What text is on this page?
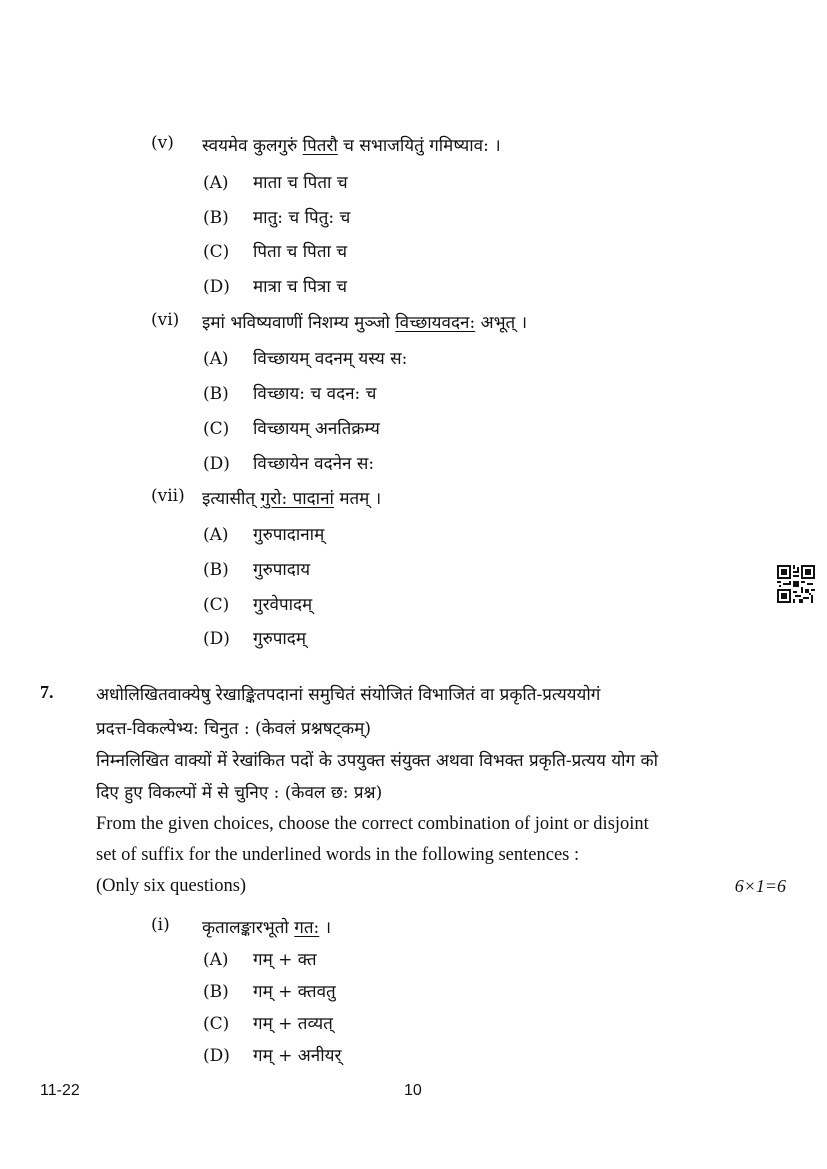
(v) स्वयमेव कुलगुरुं पितरौ च सभाजयितुं गमिष्याव: ।
(A) माता च पिता च
(B) मातु: च पितु: च
(C) पिता च पिता च
(D) मात्रा च पित्रा च
(vi) इमां भविष्यवाणीं निशम्य मुञ्जो विच्छायवदन: अभूत् ।
(A) विच्छायम् वदनम् यस्य स:
(B) विच्छाय: च वदन: च
(C) विच्छायम् अनतिक्रम्य
(D) विच्छायेन वदनेन स:
(vii) इत्यासीत् गुरो: पादानां मतम् ।
(A) गुरुपादानाम्
(B) गुरुपादाय
(C) गुरवेपादम्
(D) गुरुपादम्
7.	अधोलिखितवाक्येषु रेखाङ्कितपदानां समुचितं संयोजितं विभाजितं वा प्रकृति-प्रत्यययोगं
प्रदत्त-विकल्पेभ्य: चिनुत : (केवलं प्रश्नषट्कम्)
निम्नलिखित वाक्यों में रेखांकित पदों के उपयुक्त संयुक्त अथवा विभक्त प्रकृति-प्रत्यय योग को
दिए हुए विकल्पों में से चुनिए : (केवल छ: प्रश्न)
From the given choices, choose the correct combination of joint or disjoint
set of suffix for the underlined words in the following sentences :
(Only six questions)	6×1=6
(i) कृतालङ्कारभूतो गत: ।
(A) गम् + क्त
(B) गम् + क्तवतु
(C) गम् + तव्यत्
(D) गम् + अनीयर्
11-22	10
